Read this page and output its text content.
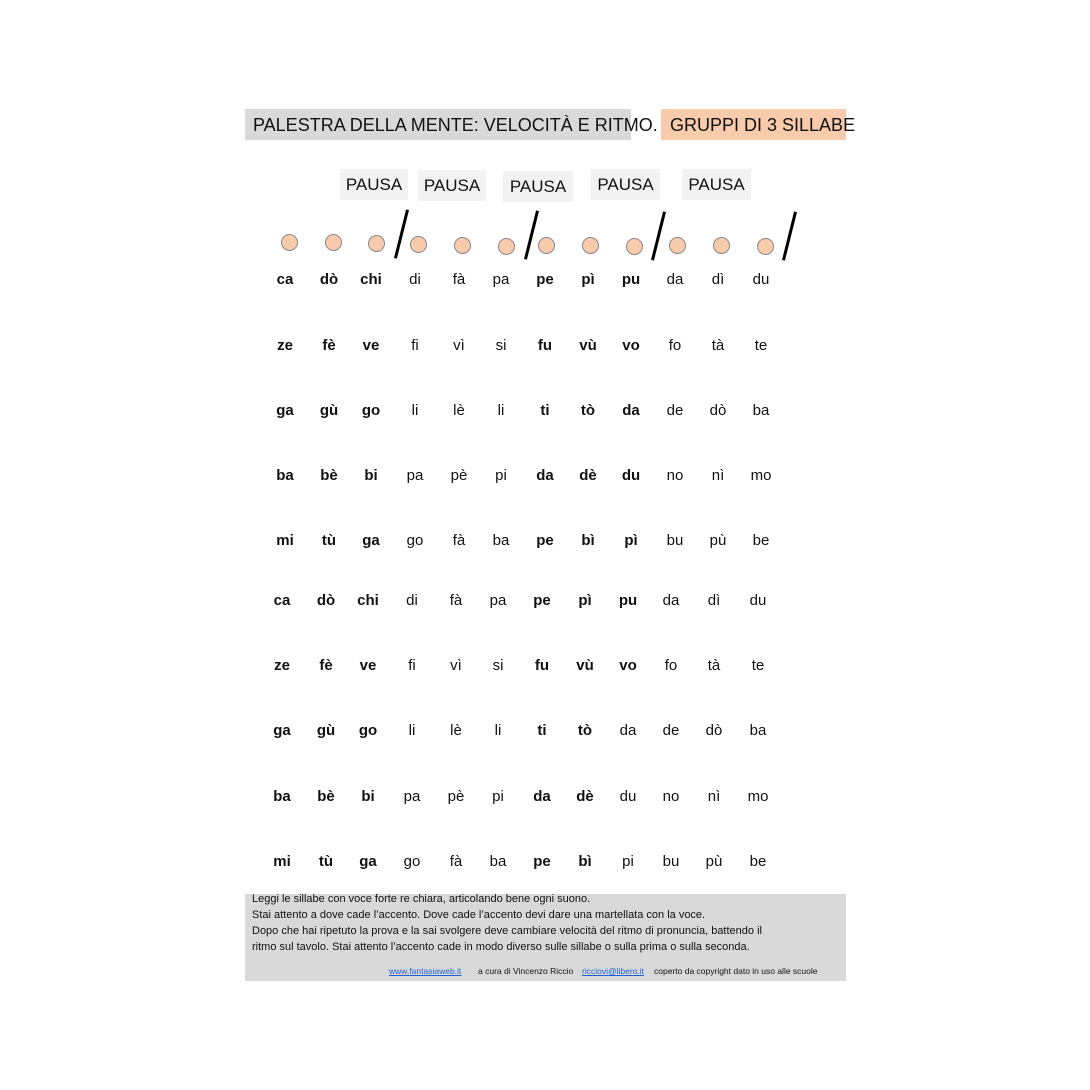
PALESTRA DELLA MENTE: VELOCITÀ E RITMO. GRUPPI DI 3 SILLABE
PAUSA	PAUSA	PAUSA	PAUSA	PAUSA
ca	dò	chi	di	fà	pa	pe	pì	pu	da	dì	du
ze	fè	ve	fi	vì	si	fu	vù	vo	fo	tà	te
ga	gù	go	li	lè	li	ti	tò	da	de	dò	ba
ba	bè	bi	pa	pè	pi	da	dè	du	no	nì	mo
mi	tù	ga	go	fà	ba	pe	bì	pì	bu	pù	be
ca	dò	chi	di	fà	pa	pe	pì	pu	da	dì	du
ze	fè	ve	fi	vì	si	fu	vù	vo	fo	tà	te
ga	gù	go	li	lè	li	ti	tò	da	de	dò	ba
ba	bè	bi	pa	pè	pi	da	dè	du	no	nì	mo
mi	tù	ga	go	fà	ba	pe	bì	pi	bu	pù	be
Leggi le sillabe con voce forte re chiara, articolando bene ogni suono.
Stai attento a dove cade l’accento. Dove cade l’accento devi dare una martellata con la voce.
Dopo che hai ripetuto la prova e la sai svolgere deve cambiare velocità del ritmo di pronuncia, battendo il
ritmo sul tavolo. Stai attento l’accento cade in modo diverso sulle sillabe o sulla prima o sulla seconda.
www.fantasiaweb.it a cura di Vincenzo Riccio ricciovi@libero.it coperto da copyright dato in uso alle scuole
